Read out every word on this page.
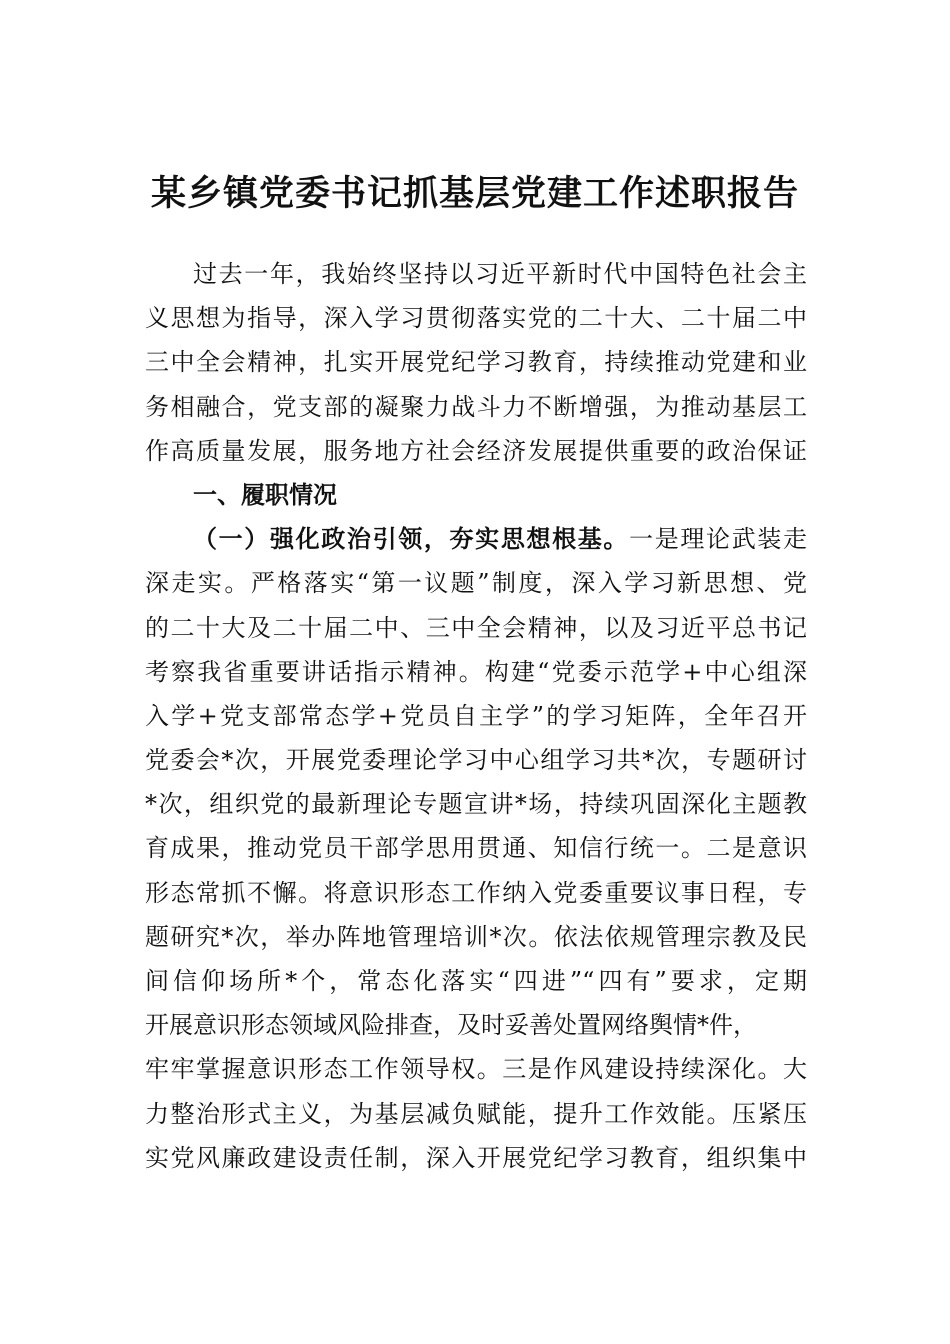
某乡镇党委书记抓基层党建工作述职报告
过去一年，我始终坚持以习近平新时代中国特色社会主
义思想为指导，深入学习贯彻落实党的二十大、二十届二中
三中全会精神，扎实开展党纪学习教育，持续推动党建和业
务相融合，党支部的凝聚力战斗力不断增强，为推动基层工
作高质量发展，服务地方社会经济发展提供重要的政治保证
一、履职情况
（一）强化政治引领，夯实思想根基。一是理论武装走
深走实。严格落实“第一议题”制度，深入学习新思想、党
的二十大及二十届二中、三中全会精神，以及习近平总书记
考察我省重要讲话指示精神。构建“党委示范学+中心组深
入学+党支部常态学+党员自主学”的学习矩阵，全年召开
党委会*次，开展党委理论学习中心组学习共*次，专题研讨
*次，组织党的最新理论专题宣讲*场，持续巩固深化主题教
育成果，推动党员干部学思用贯通、知信行统一。二是意识
形态常抓不懈。将意识形态工作纳入党委重要议事日程，专
题研究*次，举办阵地管理培训*次。依法依规管理宗教及民
间信仰场所*个，常态化落实“四进”“四有”要求，定期
开展意识形态领域风险排查，及时妥善处置网络舆情*件，
牢牢掌握意识形态工作领导权。三是作风建设持续深化。大
力整治形式主义，为基层减负赋能，提升工作效能。压紧压
实党风廉政建设责任制，深入开展党纪学习教育，组织集中
